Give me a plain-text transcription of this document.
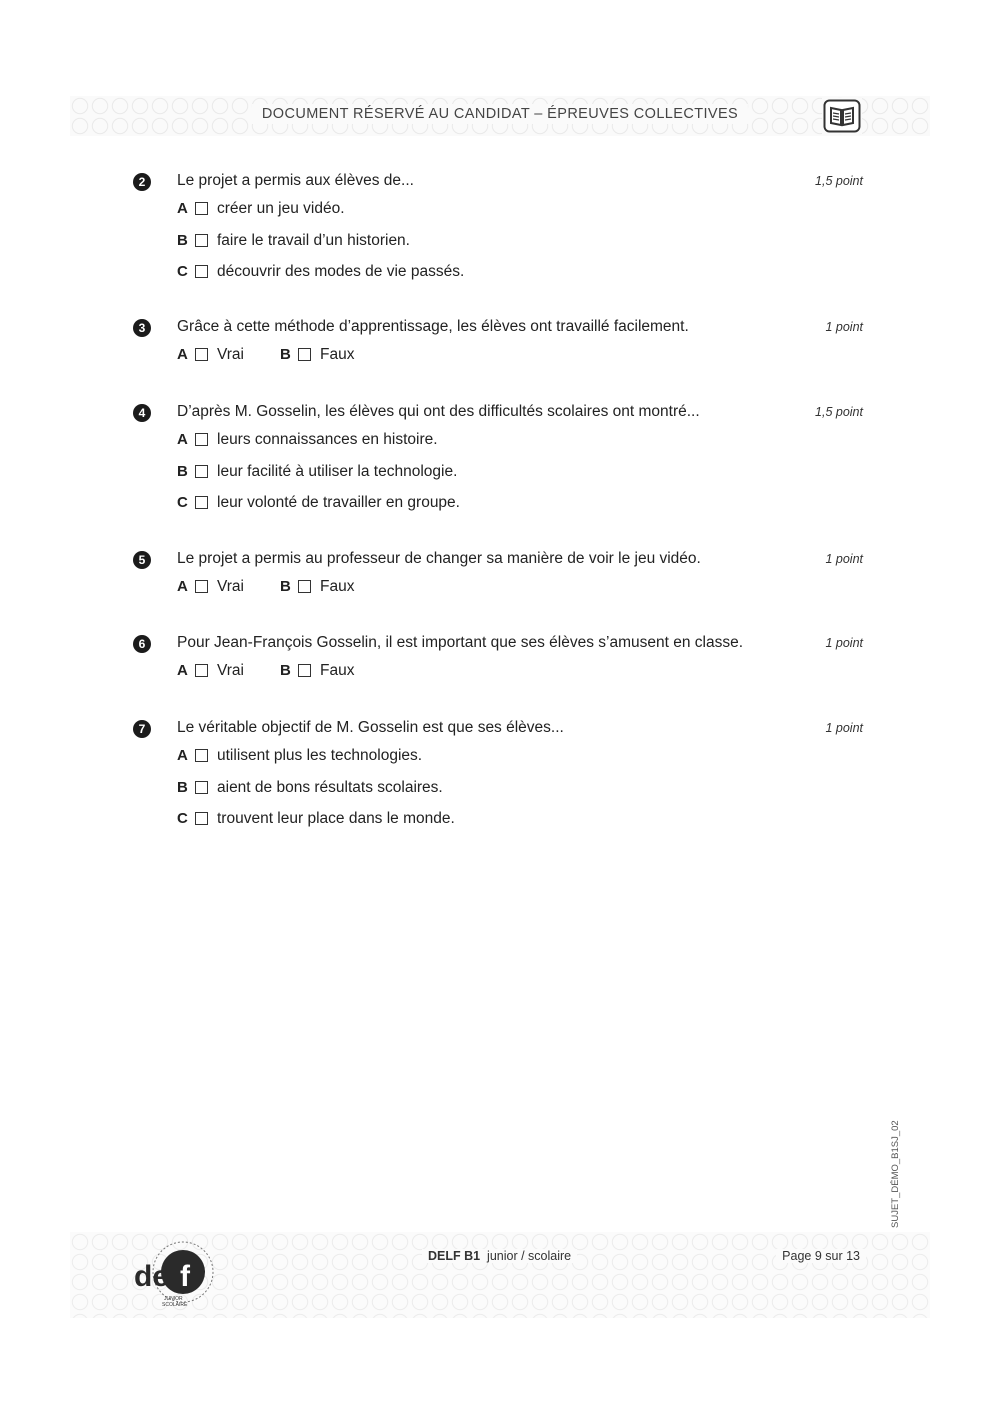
DOCUMENT RÉSERVÉ AU CANDIDAT – ÉPREUVES COLLECTIVES
2	Le projet a permis aux élèves de...	1,5 point
A	créer un jeu vidéo.
B	faire le travail d’un historien.
C	découvrir des modes de vie passés.
3	Grâce à cette méthode d’apprentissage, les élèves ont travaillé facilement.	1 point
A	Vrai B	Faux
4	D’après M. Gosselin, les élèves qui ont des difficultés scolaires ont montré...	1,5 point
A	leurs connaissances en histoire.
B	leur facilité à utiliser la technologie.
C	leur volonté de travailler en groupe.
5	Le projet a permis au professeur de changer sa manière de voir le jeu vidéo.	1 point
A	Vrai B	Faux
6	Pour Jean-François Gosselin, il est important que ses élèves s’amusent en classe.	1 point
A	Vrai B	Faux
7	Le véritable objectif de M. Gosselin est que ses élèves...	1 point
A	utilisent plus les technologies.
B	aient de bons résultats scolaires.
C	trouvent leur place dans le monde.
SUJET_DÉMO_B1SJ_02
del f
JUNIOR
SCOLAIRE
DELF B1 junior / scolaire	Page 9 sur 13
